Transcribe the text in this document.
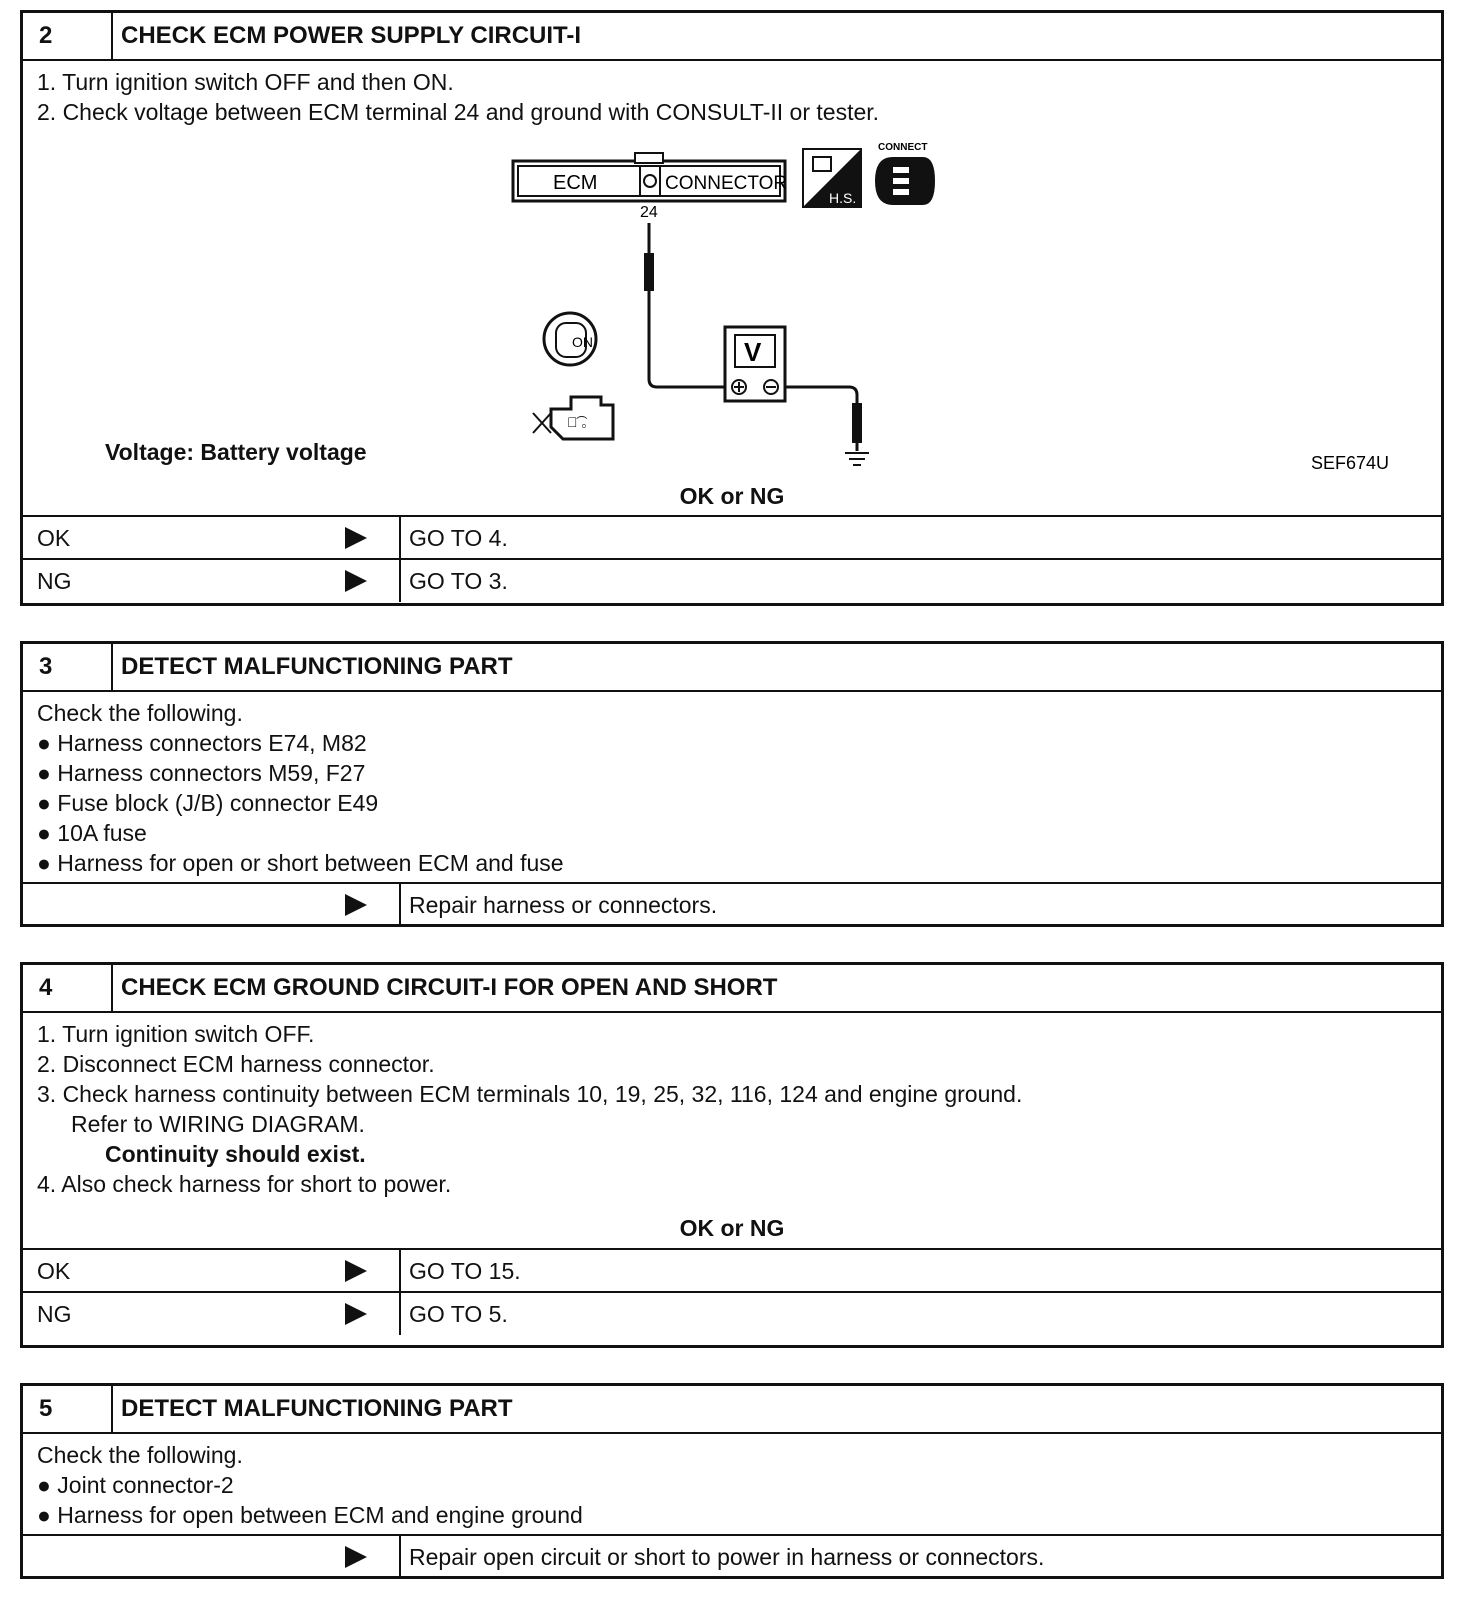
2	CHECK ECM POWER SUPPLY CIRCUIT-I
1. Turn ignition switch OFF and then ON.
2. Check voltage between ECM terminal 24 and ground with CONSULT-II or tester.
ECM	CONNECTOR
H.S.
CONNECT
24
V
ON
ﾟ͡ ｡
SEF674U
Voltage: Battery voltage
OK or NG
OK	GO TO 4.
NG	GO TO 3.
3	DETECT MALFUNCTIONING PART
Check the following.
● Harness connectors E74, M82
● Harness connectors M59, F27
● Fuse block (J/B) connector E49
● 10A fuse
● Harness for open or short between ECM and fuse
Repair harness or connectors.
4	CHECK ECM GROUND CIRCUIT-I FOR OPEN AND SHORT
1. Turn ignition switch OFF.
2. Disconnect ECM harness connector.
3. Check harness continuity between ECM terminals 10, 19, 25, 32, 116, 124 and engine ground.
Refer to WIRING DIAGRAM.
Continuity should exist.
4. Also check harness for short to power.
OK or NG
OK	GO TO 15.
NG	GO TO 5.
5	DETECT MALFUNCTIONING PART
Check the following.
● Joint connector-2
● Harness for open between ECM and engine ground
Repair open circuit or short to power in harness or connectors.
